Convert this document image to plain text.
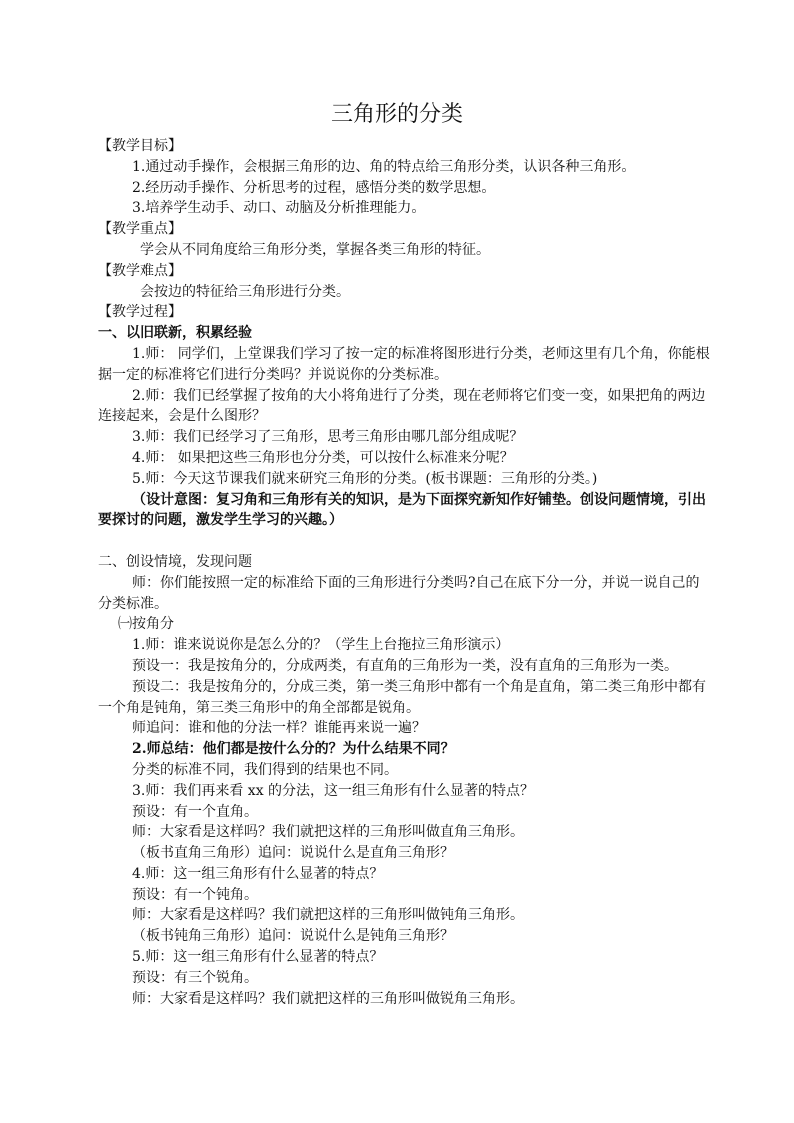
三角形的分类

【教学目标】

1.通过动手操作，会根据三角形的边、角的特点给三角形分类，认识各种三角形。

2.经历动手操作、分析思考的过程，感悟分类的数学思想。

3.培养学生动手、动口、动脑及分析推理能力。

【教学重点】

学会从不同角度给三角形分类，掌握各类三角形的特征。

【教学难点】

会按边的特征给三角形进行分类。

【教学过程】

一、以旧联新，积累经验

1.师： 同学们，上堂课我们学习了按一定的标准将图形进行分类，老师这里有几个角，你能根据一定的标准将它们进行分类吗？并说说你的分类标准。

2.师：我们已经掌握了按角的大小将角进行了分类，现在老师将它们变一变，如果把角的两边连接起来，会是什么图形？

3.师：我们已经学习了三角形，思考三角形由哪几部分组成呢？

4.师： 如果把这些三角形也分分类，可以按什么标准来分呢？

5.师：今天这节课我们就来研究三角形的分类。(板书课题：三角形的分类。)

（设计意图：复习角和三角形有关的知识，是为下面探究新知作好铺垫。创设问题情境，引出要探讨的问题，激发学生学习的兴趣。）

二、创设情境，发现问题

师：你们能按照一定的标准给下面的三角形进行分类吗?自己在底下分一分，并说一说自己的分类标准。

㈠按角分

1.师：谁来说说你是怎么分的？（学生上台拖拉三角形演示）

预设一：我是按角分的，分成两类，有直角的三角形为一类，没有直角的三角形为一类。

预设二：我是按角分的，分成三类，第一类三角形中都有一个角是直角，第二类三角形中都有一个角是钝角，第三类三角形中的角全部都是锐角。

师追问：谁和他的分法一样？谁能再来说一遍？

2.师总结：他们都是按什么分的？为什么结果不同？

分类的标准不同，我们得到的结果也不同。

3.师：我们再来看 xx 的分法，这一组三角形有什么显著的特点？

预设：有一个直角。

师：大家看是这样吗？我们就把这样的三角形叫做直角三角形。

（板书直角三角形）追问：说说什么是直角三角形？

4.师：这一组三角形有什么显著的特点？

预设：有一个钝角。

师：大家看是这样吗？我们就把这样的三角形叫做钝角三角形。

（板书钝角三角形）追问：说说什么是钝角三角形？

5.师：这一组三角形有什么显著的特点？

预设：有三个锐角。

师：大家看是这样吗？我们就把这样的三角形叫做锐角三角形。
